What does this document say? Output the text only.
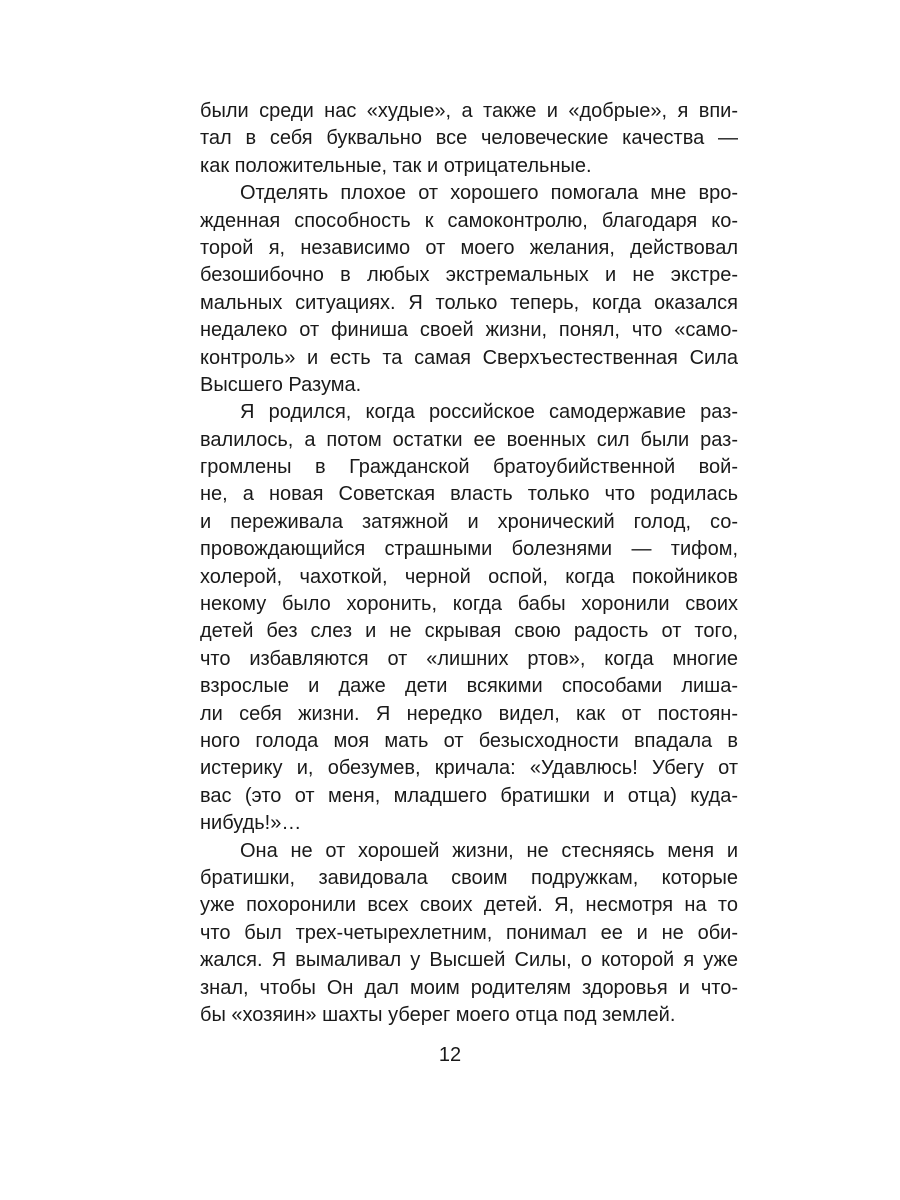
были среди нас «худые», а также и «добрые», я впи-
тал в себя буквально все человеческие качества —
как положительные, так и отрицательные.
Отделять плохое от хорошего помогала мне вро-
жденная способность к самоконтролю, благодаря ко-
торой я, независимо от моего желания, действовал
безошибочно в любых экстремальных и не экстре-
мальных ситуациях. Я только теперь, когда оказался
недалеко от финиша своей жизни, понял, что «само-
контроль» и есть та самая Сверхъестественная Сила
Высшего Разума.
Я родился, когда российское самодержавие раз-
валилось, а потом остатки ее военных сил были раз-
громлены в Гражданской братоубийственной вой-
не, а новая Советская власть только что родилась
и переживала затяжной и хронический голод, со-
провождающийся страшными болезнями — тифом,
холерой, чахоткой, черной оспой, когда покойников
некому было хоронить, когда бабы хоронили своих
детей без слез и не скрывая свою радость от того,
что избавляются от «лишних ртов», когда многие
взрослые и даже дети всякими способами лиша-
ли себя жизни. Я нередко видел, как от постоян-
ного голода моя мать от безысходности впадала в
истерику и, обезумев, кричала: «Удавлюсь! Убегу от
вас (это от меня, младшего братишки и отца) куда-
нибудь!»…
Она не от хорошей жизни, не стесняясь меня и
братишки, завидовала своим подружкам, которые
уже похоронили всех своих детей. Я, несмотря на то
что был трех-четырехлетним, понимал ее и не оби-
жался. Я вымаливал у Высшей Силы, о которой я уже
знал, чтобы Он дал моим родителям здоровья и что-
бы «хозяин» шахты уберег моего отца под землей.
12
